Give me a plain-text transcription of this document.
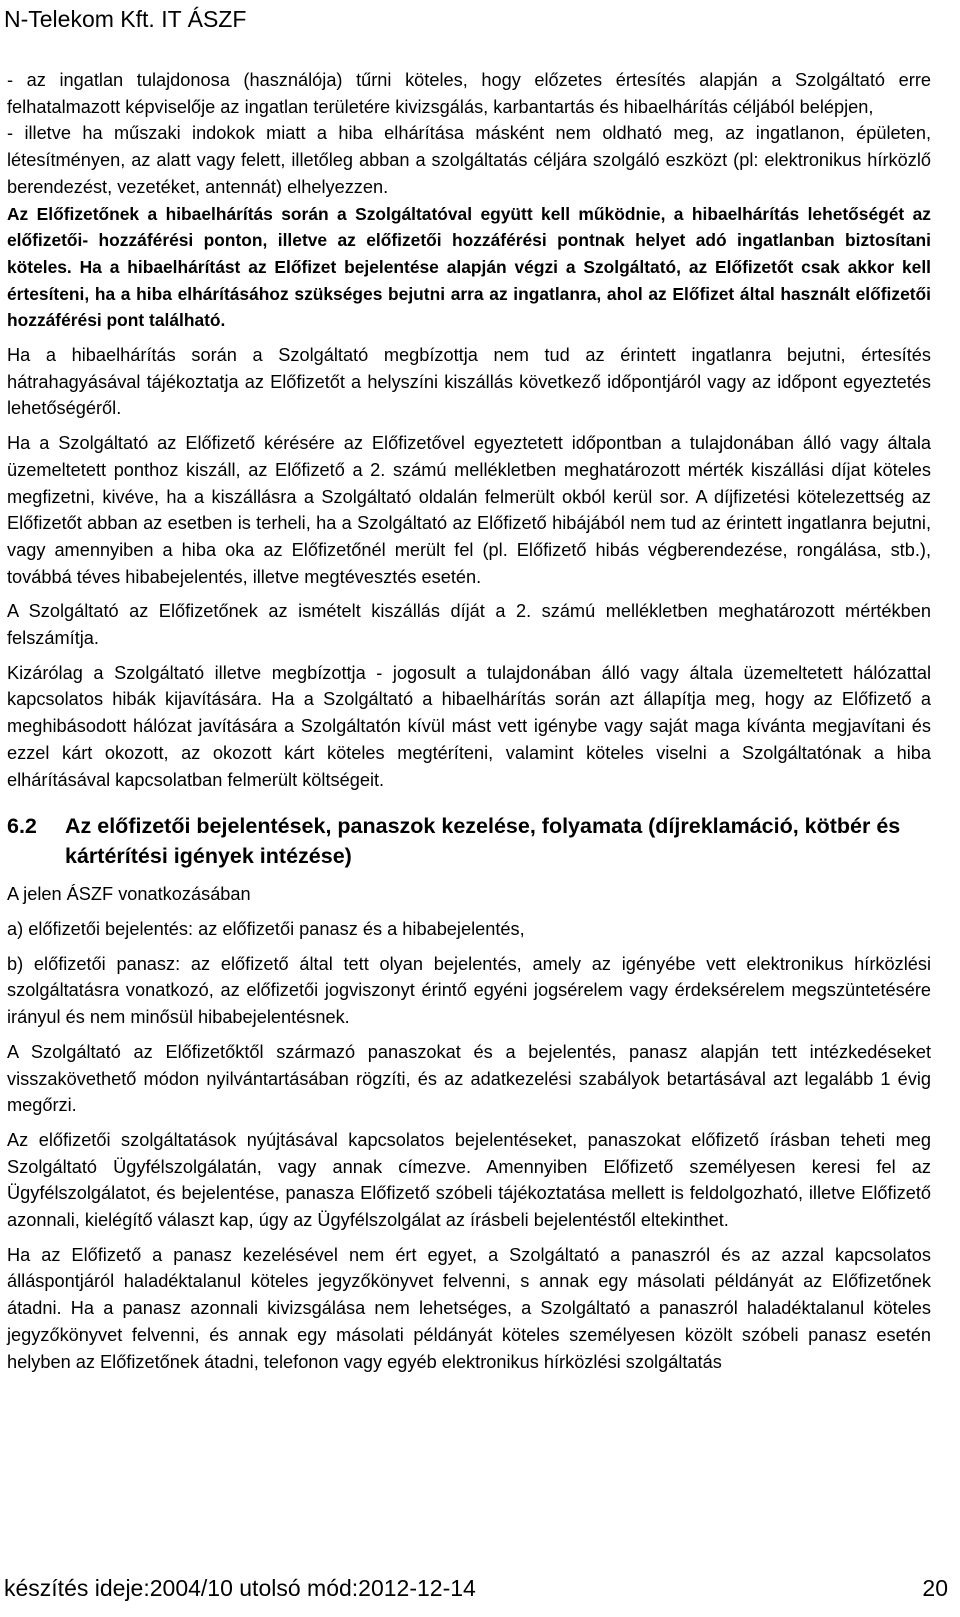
N-Telekom Kft. IT ÁSZF

- az ingatlan tulajdonosa (használója) tűrni köteles, hogy előzetes értesítés alapján a Szolgáltató erre felhatalmazott képviselője az ingatlan területére kivizsgálás, karbantartás és hibaelhárítás céljából belépjen,

- illetve ha műszaki indokok miatt a hiba elhárítása másként nem oldható meg, az ingatlanon, épületen, létesítményen, az alatt vagy felett, illetőleg abban a szolgáltatás céljára szolgáló eszközt (pl: elektronikus hírközlő berendezést, vezetéket, antennát) elhelyezzen.

Az Előfizetőnek a hibaelhárítás során a Szolgáltatóval együtt kell működnie, a hibaelhárítás lehetőségét az előfizetői- hozzáférési ponton, illetve az előfizetői hozzáférési pontnak helyet adó ingatlanban biztosítani köteles. Ha a hibaelhárítást az Előfizet bejelentése alapján végzi a Szolgáltató, az Előfizetőt csak akkor kell értesíteni, ha a hiba elhárításához szükséges bejutni arra az ingatlanra, ahol az Előfizet által használt előfizetői hozzáférési pont található.

Ha a hibaelhárítás során a Szolgáltató megbízottja nem tud az érintett ingatlanra bejutni, értesítés hátrahagyásával tájékoztatja az Előfizetőt a helyszíni kiszállás következő időpontjáról vagy az időpont egyeztetés lehetőségéről.

Ha a Szolgáltató az Előfizető kérésére az Előfizetővel egyeztetett időpontban a tulajdonában álló vagy általa üzemeltetett ponthoz kiszáll, az Előfizető a 2. számú mellékletben meghatározott mérték kiszállási díjat köteles megfizetni, kivéve, ha a kiszállásra a Szolgáltató oldalán felmerült okból kerül sor. A díjfizetési kötelezettség az Előfizetőt abban az esetben is terheli, ha a Szolgáltató az Előfizető hibájából nem tud az érintett ingatlanra bejutni, vagy amennyiben a hiba oka az Előfizetőnél merült fel (pl. Előfizető hibás végberendezése, rongálása, stb.), továbbá téves hibabejelentés, illetve megtévesztés esetén.

A Szolgáltató az Előfizetőnek az ismételt kiszállás díját a 2. számú mellékletben meghatározott mértékben felszámítja.

Kizárólag a Szolgáltató illetve megbízottja - jogosult a tulajdonában álló vagy általa üzemeltetett hálózattal kapcsolatos hibák kijavítására. Ha a Szolgáltató a hibaelhárítás során azt állapítja meg, hogy az Előfizető a meghibásodott hálózat javítására a Szolgáltatón kívül mást vett igénybe vagy saját maga kívánta megjavítani és ezzel kárt okozott, az okozott kárt köteles megtéríteni, valamint köteles viselni a Szolgáltatónak a hiba elhárításával kapcsolatban felmerült költségeit.

6.2	Az előfizetői bejelentések, panaszok kezelése, folyamata (díjreklamáció, kötbér és kártérítési igények intézése)

A jelen ÁSZF vonatkozásában

a) előfizetői bejelentés: az előfizetői panasz és a hibabejelentés,

b) előfizetői panasz: az előfizető által tett olyan bejelentés, amely az igényébe vett elektronikus hírközlési szolgáltatásra vonatkozó, az előfizetői jogviszonyt érintő egyéni jogsérelem vagy érdeksérelem megszüntetésére irányul és nem minősül hibabejelentésnek.

A Szolgáltató az Előfizetőktől származó panaszokat és a bejelentés, panasz alapján tett intézkedéseket visszakövethető módon nyilvántartásában rögzíti, és az adatkezelési szabályok betartásával azt legalább 1 évig megőrzi.

Az előfizetői szolgáltatások nyújtásával kapcsolatos bejelentéseket, panaszokat előfizető írásban teheti meg Szolgáltató Ügyfélszolgálatán, vagy annak címezve. Amennyiben Előfizető személyesen keresi fel az Ügyfélszolgálatot, és bejelentése, panasza Előfizető szóbeli tájékoztatása mellett is feldolgozható, illetve Előfizető azonnali, kielégítő választ kap, úgy az Ügyfélszolgálat az írásbeli bejelentéstől eltekinthet.

Ha az Előfizető a panasz kezelésével nem ért egyet, a Szolgáltató a panaszról és az azzal kapcsolatos álláspontjáról haladéktalanul köteles jegyzőkönyvet felvenni, s annak egy másolati példányát az Előfizetőnek átadni. Ha a panasz azonnali kivizsgálása nem lehetséges, a Szolgáltató a panaszról haladéktalanul köteles jegyzőkönyvet felvenni, és annak egy másolati példányát köteles személyesen közölt szóbeli panasz esetén helyben az Előfizetőnek átadni, telefonon vagy egyéb elektronikus hírközlési szolgáltatás

készítés ideje:2004/10 utolsó mód:2012-12-14	20
